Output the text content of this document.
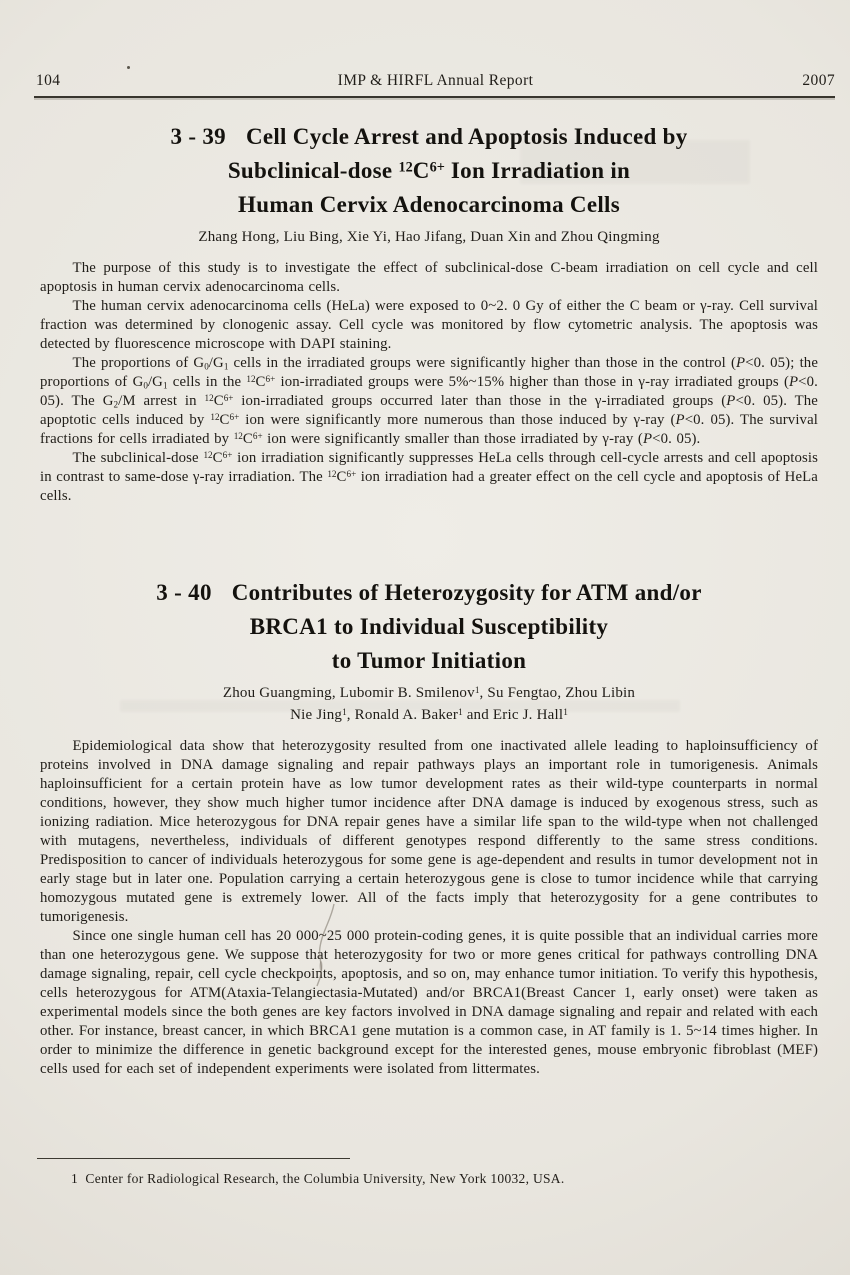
104	IMP & HIRFL Annual Report	2007
3 - 39 Cell Cycle Arrest and Apoptosis Induced by
Subclinical-dose $^{12}C^{6+}$ Ion Irradiation in
Human Cervix Adenocarcinoma Cells

Zhang Hong, Liu Bing, Xie Yi, Hao Jifang, Duan Xin and Zhou Qingming

The purpose of this study is to investigate the effect of subclinical-dose C-beam irradiation on cell cycle and cell apoptosis in human cervix adenocarcinoma cells.

The human cervix adenocarcinoma cells (HeLa) were exposed to 0~2. 0 Gy of either the C beam or γ-ray. Cell survival fraction was determined by clonogenic assay. Cell cycle was monitored by flow cytometric analysis. The apoptosis was detected by fluorescence microscope with DAPI staining.

The proportions of $G_0/G_1$ cells in the irradiated groups were significantly higher than those in the control (P<0. 05); the proportions of $G_0/G_1$ cells in the $^{12}C^{6+}$ ion-irradiated groups were 5%~15% higher than those in γ-ray irradiated groups (P<0. 05). The $G_2/M$ arrest in $^{12}C^{6+}$ ion-irradiated groups occurred later than those in the γ-irradiated groups (P<0. 05). The apoptotic cells induced by $^{12}C^{6+}$ ion were significantly more numerous than those induced by γ-ray (P<0. 05). The survival fractions for cells irradiated by $^{12}C^{6+}$ ion were significantly smaller than those irradiated by γ-ray (P<0. 05).

The subclinical-dose $^{12}C^{6+}$ ion irradiation significantly suppresses HeLa cells through cell-cycle arrests and cell apoptosis in contrast to same-dose γ-ray irradiation. The $^{12}C^{6+}$ ion irradiation had a greater effect on the cell cycle and apoptosis of HeLa cells.

3 - 40 Contributes of Heterozygosity for ATM and/or
BRCA1 to Individual Susceptibility
to Tumor Initiation

Zhou Guangming, Lubomir B. Smilenov$^1$, Su Fengtao, Zhou Libin
Nie Jing$^1$, Ronald A. Baker$^1$ and Eric J. Hall$^1$

Epidemiological data show that heterozygosity resulted from one inactivated allele leading to haploinsufficiency of proteins involved in DNA damage signaling and repair pathways plays an important role in tumorigenesis. Animals haploinsufficient for a certain protein have as low tumor development rates as their wild-type counterparts in normal conditions, however, they show much higher tumor incidence after DNA damage is induced by exogenous stress, such as ionizing radiation. Mice heterozygous for DNA repair genes have a similar life span to the wild-type when not challenged with mutagens, nevertheless, individuals of different genotypes respond differently to the same stress conditions. Predisposition to cancer of individuals heterozygous for some gene is age-dependent and results in tumor development not in early stage but in later one. Population carrying a certain heterozygous gene is close to tumor incidence while that carrying homozygous mutated gene is extremely lower. All of the facts imply that heterozygosity for a gene contributes to tumorigenesis.

Since one single human cell has 20 000~25 000 protein-coding genes, it is quite possible that an individual carries more than one heterozygous gene. We suppose that heterozygosity for two or more genes critical for pathways controlling DNA damage signaling, repair, cell cycle checkpoints, apoptosis, and so on, may enhance tumor initiation. To verify this hypothesis, cells heterozygous for ATM(Ataxia-Telangiectasia-Mutated) and/or BRCA1(Breast Cancer 1, early onset) were taken as experimental models since the both genes are key factors involved in DNA damage signaling and repair and related with each other. For instance, breast cancer, in which BRCA1 gene mutation is a common case, in AT family is 1. 5~14 times higher. In order to minimize the difference in genetic background except for the interested genes, mouse embryonic fibroblast (MEF) cells used for each set of independent experiments were isolated from littermates.

1  Center for Radiological Research, the Columbia University, New York 10032, USA.
